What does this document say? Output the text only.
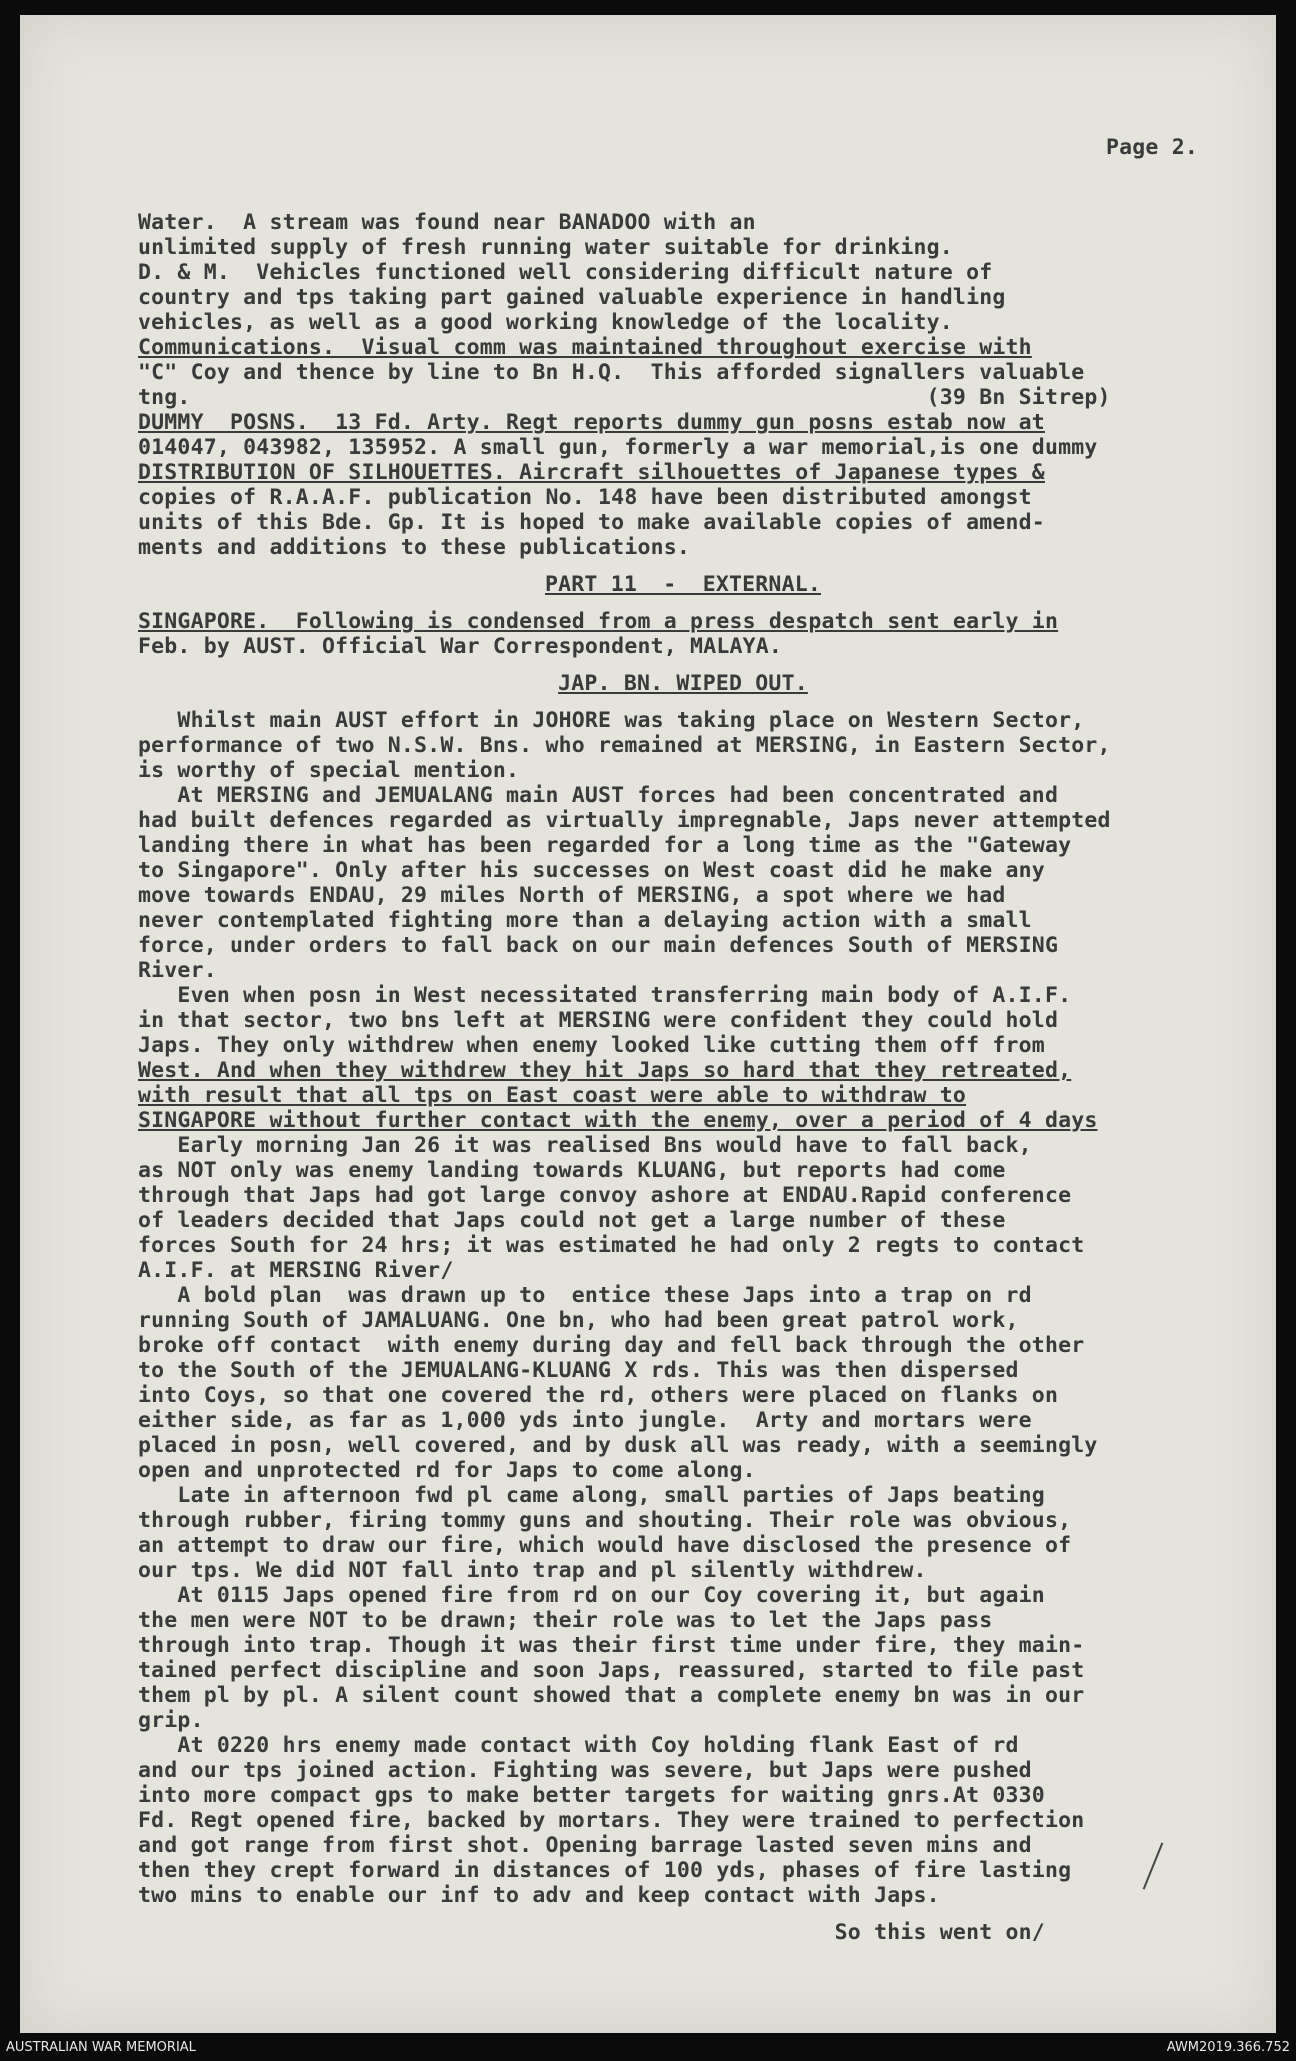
Page 2.

Water.  A stream was found near BANADOO with an
unlimited supply of fresh running water suitable for drinking.
D. & M.  Vehicles functioned well considering difficult nature of
country and tps taking part gained valuable experience in handling
vehicles, as well as a good working knowledge of the locality.
Communications.  Visual comm was maintained throughout exercise with
"C" Coy and thence by line to Bn H.Q.  This afforded signallers valuable
tng.                                                        (39 Bn Sitrep)
DUMMY  POSNS.  13 Fd. Arty. Regt reports dummy gun posns estab now at
014047, 043982, 135952. A small gun, formerly a war memorial,is one dummy
DISTRIBUTION OF SILHOUETTES. Aircraft silhouettes of Japanese types &
copies of R.A.A.F. publication No. 148 have been distributed amongst
units of this Bde. Gp. It is hoped to make available copies of amend-
ments and additions to these publications.
PART 11  -  EXTERNAL.
SINGAPORE.  Following is condensed from a press despatch sent early in
Feb. by AUST. Official War Correspondent, MALAYA.
JAP. BN. WIPED OUT.
Whilst main AUST effort in JOHORE was taking place on Western Sector,
performance of two N.S.W. Bns. who remained at MERSING, in Eastern Sector,
is worthy of special mention.
At MERSING and JEMUALANG main AUST forces had been concentrated and
had built defences regarded as virtually impregnable, Japs never attempted
landing there in what has been regarded for a long time as the "Gateway
to Singapore". Only after his successes on West coast did he make any
move towards ENDAU, 29 miles North of MERSING, a spot where we had
never contemplated fighting more than a delaying action with a small
force, under orders to fall back on our main defences South of MERSING
River.
Even when posn in West necessitated transferring main body of A.I.F.
in that sector, two bns left at MERSING were confident they could hold
Japs. They only withdrew when enemy looked like cutting them off from
West. And when they withdrew they hit Japs so hard that they retreated,
with result that all tps on East coast were able to withdraw to
SINGAPORE without further contact with the enemy, over a period of 4 days
Early morning Jan 26 it was realised Bns would have to fall back,
as NOT only was enemy landing towards KLUANG, but reports had come
through that Japs had got large convoy ashore at ENDAU.Rapid conference
of leaders decided that Japs could not get a large number of these
forces South for 24 hrs; it was estimated he had only 2 regts to contact
A.I.F. at MERSING River/
A bold plan  was drawn up to  entice these Japs into a trap on rd
running South of JAMALUANG. One bn, who had been great patrol work,
broke off contact  with enemy during day and fell back through the other
to the South of the JEMUALANG-KLUANG X rds. This was then dispersed
into Coys, so that one covered the rd, others were placed on flanks on
either side, as far as 1,000 yds into jungle.  Arty and mortars were
placed in posn, well covered, and by dusk all was ready, with a seemingly
open and unprotected rd for Japs to come along.
Late in afternoon fwd pl came along, small parties of Japs beating
through rubber, firing tommy guns and shouting. Their role was obvious,
an attempt to draw our fire, which would have disclosed the presence of
our tps. We did NOT fall into trap and pl silently withdrew.
At 0115 Japs opened fire from rd on our Coy covering it, but again
the men were NOT to be drawn; their role was to let the Japs pass
through into trap. Though it was their first time under fire, they main-
tained perfect discipline and soon Japs, reassured, started to file past
them pl by pl. A silent count showed that a complete enemy bn was in our
grip.
At 0220 hrs enemy made contact with Coy holding flank East of rd
and our tps joined action. Fighting was severe, but Japs were pushed
into more compact gps to make better targets for waiting gnrs.At 0330
Fd. Regt opened fire, backed by mortars. They were trained to perfection
and got range from first shot. Opening barrage lasted seven mins and
then they crept forward in distances of 100 yds, phases of fire lasting
two mins to enable our inf to adv and keep contact with Japs.
So this went on/
AUSTRALIAN WAR MEMORIAL	AWM2019.366.752
